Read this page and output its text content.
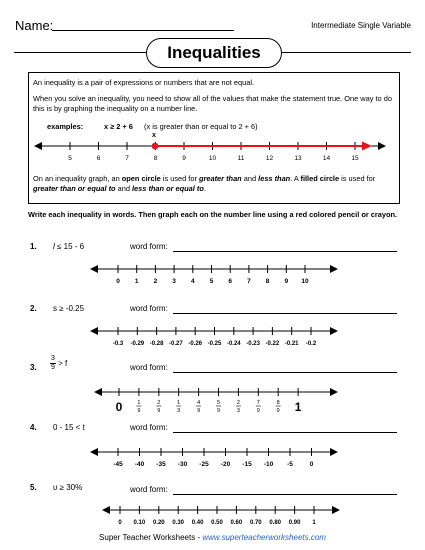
Name:	Intermediate Single Variable
Inequalities
An inequality is a pair of expressions or numbers that are not equal.
When you solve an inequality, you need to show all of the values that make the statement true. One way to do this is by graphing the inequality on a number line.
examples:	x ≥ 2 + 6 (x is greater than or equal to 2 + 6)
x
5	6	7	8	9	10	11	12	13	14	15
On an inequality graph, an open circle is used for greater than and less than. A filled circle is used for greater than or equal to and less than or equal to.
Write each inequality in words. Then graph each on the number line using a red colored pencil or crayon.
1. l ≤ 15 - 6	word form:
0 1 2 3 4 5 6 7 8 9 10
2. s ≥ -0.25	word form:
-0.3 -0.29 -0.28 -0.27 -0.26 -0.25 -0.24 -0.23 -0.22 -0.21 -0.2
3. $\frac{3}{9} > f$	word form:
0	1
9
2
9
1
3
4
9
5
9
2
3
7
9
8
9 1
4. 0 - 15 < t	word form:
-45 -40 -35 -30 -25 -20 -15 -10 -5	0
5. υ ≥ 30%	word form:
0 0.10 0.20 0.30 0.40 0.50 0.60 0.70 0.80 0.90 1
Super Teacher Worksheets - www.superteacherworksheets.com
